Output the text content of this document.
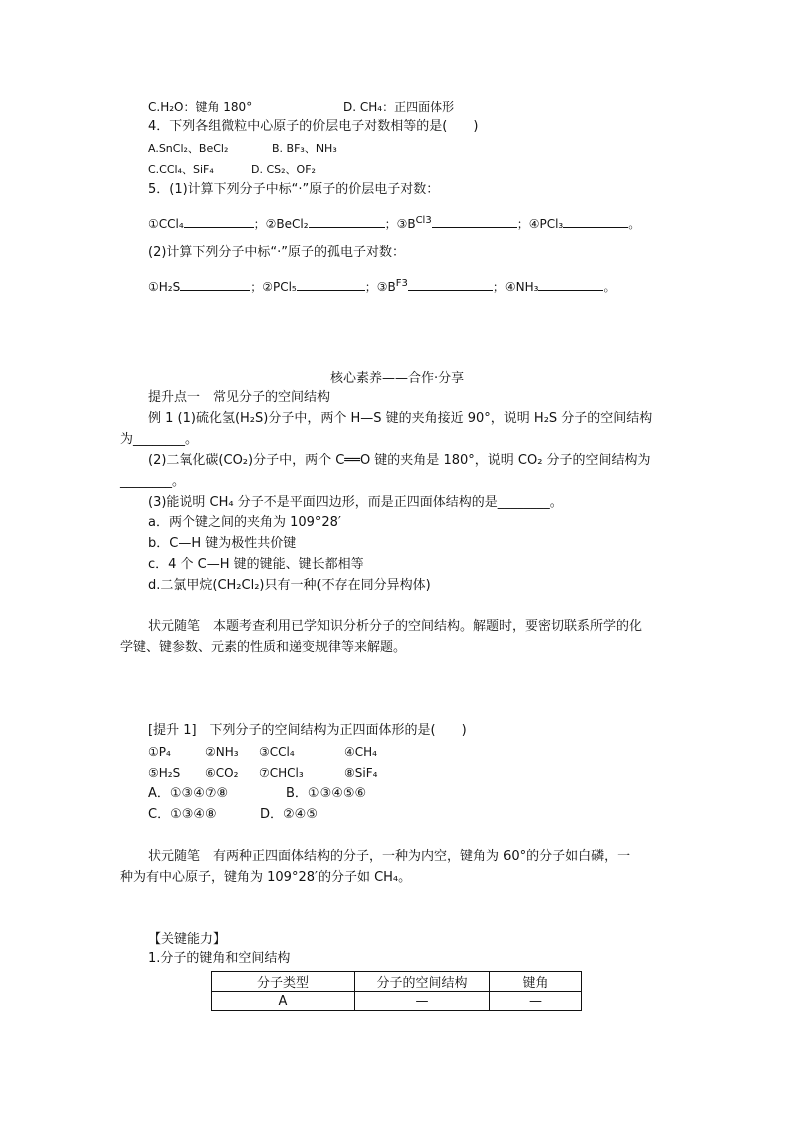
C.H₂O：键角 180°	D. CH₄：正四面体形
4．下列各组微粒中心原子的价层电子对数相等的是(　　)
A.SnCl₂、BeCl₂	B. BF₃、NH₃
C.CCl₄、SiF₄	D. CS₂、OF₂
5．(1)计算下列分子中标“·”原子的价层电子对数：
①CCl₄	；②BeCl₂	；$③B^{Cl3}$	；④PCl₃	。
(2)计算下列分子中标“·”原子的孤电子对数：
①H₂S	；②PCl₅	；$③B^{F3}$	；④NH₃	。
核心素养——合作·分享
提升点一　常见分子的空间结构
例 1 (1)硫化氢(H₂S)分子中，两个 H—S 键的夹角接近 90°，说明 H₂S 分子的空间结构
为________。
(2)二氧化碳(CO₂)分子中，两个 C══O 键的夹角是 180°，说明 CO₂ 分子的空间结构为
________。
(3)能说明 CH₄ 分子不是平面四边形，而是正四面体结构的是________。
a．两个键之间的夹角为 109°28′
b．C—H 键为极性共价键
c．4 个 C—H 键的键能、键长都相等
d.二氯甲烷(CH₂Cl₂)只有一种(不存在同分异构体)
状元随笔　本题考查利用已学知识分析分子的空间结构。解题时，要密切联系所学的化
学键、键参数、元素的性质和递变规律等来解题。
[提升 1]　下列分子的空间结构为正四面体形的是(　　)
①P₄	②NH₃ ③CCl₄	④CH₄
⑤H₂S ⑥CO₂ ⑦CHCl₃	⑧SiF₄
A．①③④⑦⑧	B．①③④⑤⑥
C．①③④⑧	D．②④⑤
状元随笔　有两种正四面体结构的分子，一种为内空，键角为 60°的分子如白磷，一
种为有中心原子，键角为 109°28′的分子如 CH₄。
【关键能力】
1.分子的键角和空间结构
分子类型	分子的空间结构	键角
A	—	—
